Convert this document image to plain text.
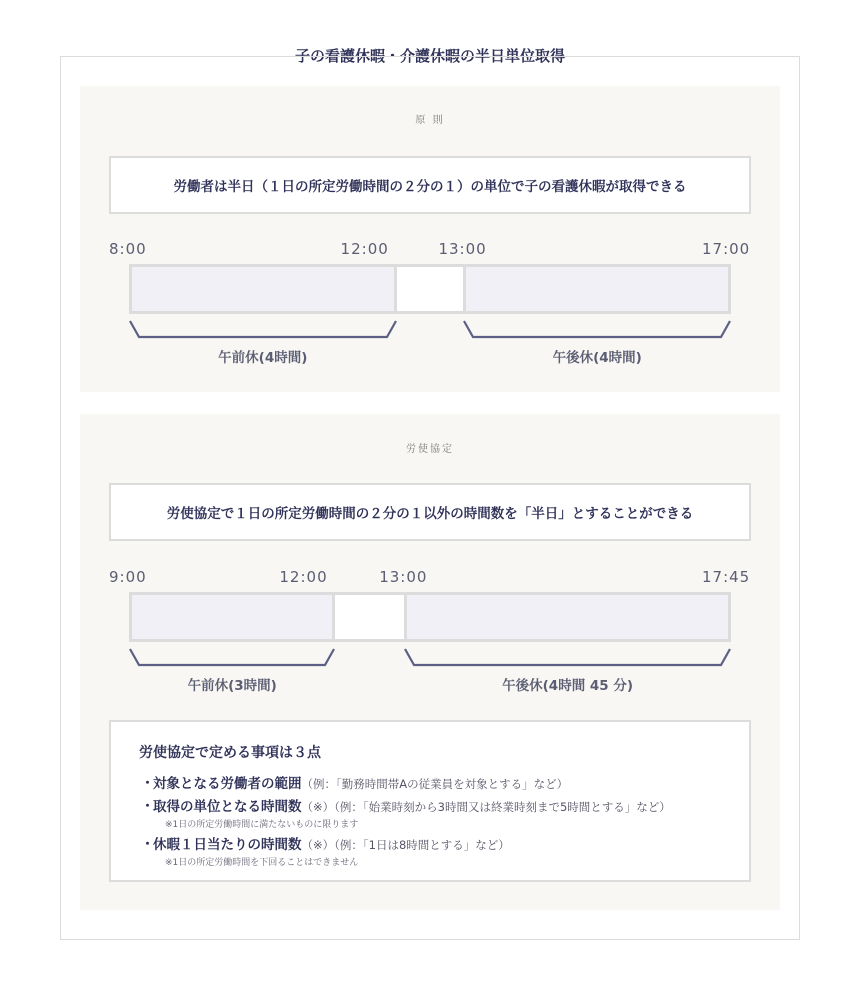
子の看護休暇・介護休暇の半日単位取得
原 則
労働者は半日（１日の所定労働時間の２分の１）の単位で子の看護休暇が取得できる
8:00	12:00	13:00	17:00
午前休(4時間)	午後休(4時間)
労使協定
労使協定で１日の所定労働時間の２分の１以外の時間数を「半日」とすることができる
9:00	12:00	13:00	17:45
午前休(3時間)	午後休(4時間 45 分)
労使協定で定める事項は３点
・
対象となる労働者の範囲（例：「勤務時間帯Aの従業員を対象とする」など）
・
取得の単位となる時間数（※）（例：「始業時刻から3時間又は終業時刻まで5時間とする」など）
※1日の所定労働時間に満たないものに限ります
・
休暇１日当たりの時間数（※）（例：「1日は8時間とする」など）
※1日の所定労働時間を下回ることはできません
